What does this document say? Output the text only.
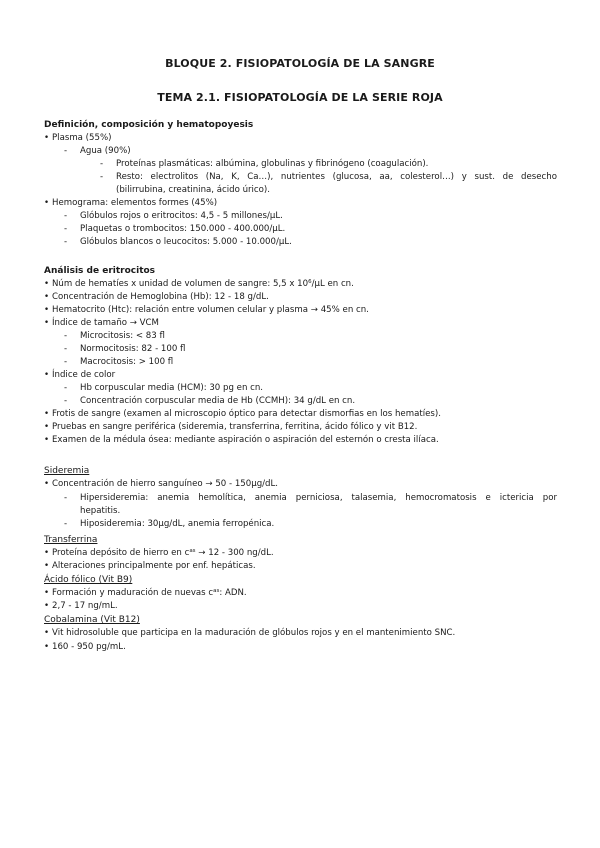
BLOQUE 2. FISIOPATOLOGÍA DE LA SANGRE
TEMA 2.1. FISIOPATOLOGÍA DE LA SERIE ROJA
Definición, composición y hematopoyesis
• Plasma (55%)
- Agua (90%)
- Proteínas plasmáticas: albúmina, globulinas y fibrinógeno (coagulación).
- Resto: electrolitos (Na, K, Ca…), nutrientes (glucosa, aa, colesterol…) y sust. de desecho
(bilirrubina, creatinina, ácido úrico).
• Hemograma: elementos formes (45%)
- Glóbulos rojos o eritrocitos: 4,5 - 5 millones/μL.
- Plaquetas o trombocitos: 150.000 - 400.000/μL.
- Glóbulos blancos o leucocitos: 5.000 - 10.000/μL.
Análisis de eritrocitos
• Núm de hematíes x unidad de volumen de sangre: 5,5 x $10^6/\mu L$ en cn.
• Concentración de Hemoglobina (Hb): 12 - 18 g/dL.
• Hematocrito (Htc): relación entre volumen celular y plasma → 45% en cn.
• Índice de tamaño → VCM
- Microcitosis: < 83 fl
- Normocitosis: 82 - 100 fl
- Macrocitosis: > 100 fl
• Índice de color
- Hb corpuscular media (HCM): 30 pg en cn.
- Concentración corpuscular media de Hb (CCMH): 34 g/dL en cn.
• Frotis de sangre (examen al microscopio óptico para detectar dismorfias en los hematíes).
• Pruebas en sangre periférica (sideremia, transferrina, ferritina, ácido fólico y vit B12.
• Examen de la médula ósea: mediante aspiración o aspiración del esternón o cresta ilíaca.
Sideremia
• Concentración de hierro sanguíneo → 50 - 150μg/dL.
- Hipersideremia: anemia hemolítica, anemia perniciosa, talasemia, hemocromatosis e ictericia por
hepatitis.
- Hiposideremia: 30μg/dL, anemia ferropénica.
Transferrina
• Proteína depósito de hierro en $c^{as} \to 12 - 300$ ng/dL.
• Alteraciones principalmente por enf. hepáticas.
Ácido fólico (Vit B9)
• Formación y maduración de nuevas $c^{as}$: ADN.
• 2,7 - 17 ng/mL.
Cobalamina (Vit B12)
• Vit hidrosoluble que participa en la maduración de glóbulos rojos y en el mantenimiento SNC.
• 160 - 950 pg/mL.
